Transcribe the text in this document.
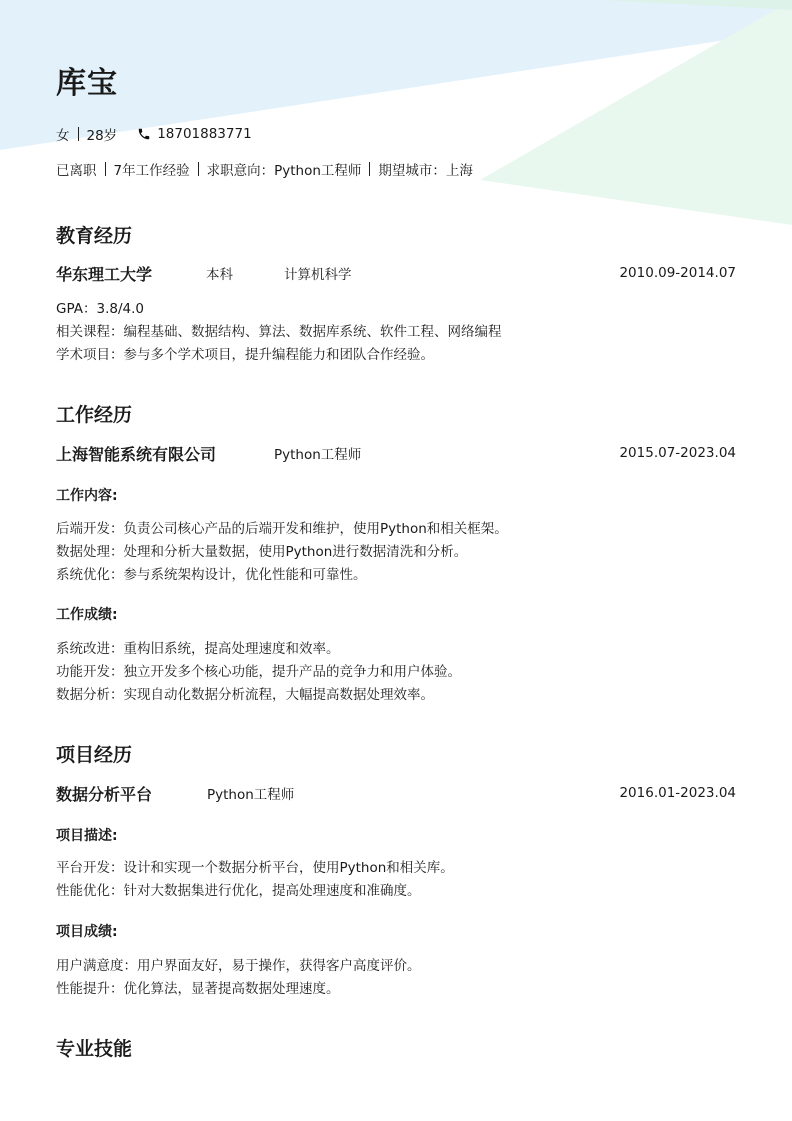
库宝
女 28岁	18701883771
已离职 7年工作经验 求职意向：Python工程师 期望城市：上海
教育经历
华东理工大学	本科	计算机科学	2010.09-2014.07
GPA：3.8/4.0
相关课程：编程基础、数据结构、算法、数据库系统、软件工程、网络编程
学术项目：参与多个学术项目，提升编程能力和团队合作经验。
工作经历
上海智能系统有限公司	Python工程师	2015.07-2023.04
工作内容:
后端开发：负责公司核心产品的后端开发和维护，使用Python和相关框架。
数据处理：处理和分析大量数据，使用Python进行数据清洗和分析。
系统优化：参与系统架构设计，优化性能和可靠性。
工作成绩:
系统改进：重构旧系统，提高处理速度和效率。
功能开发：独立开发多个核心功能，提升产品的竞争力和用户体验。
数据分析：实现自动化数据分析流程，大幅提高数据处理效率。
项目经历
数据分析平台	Python工程师	2016.01-2023.04
项目描述:
平台开发：设计和实现一个数据分析平台，使用Python和相关库。
性能优化：针对大数据集进行优化，提高处理速度和准确度。
项目成绩:
用户满意度：用户界面友好，易于操作，获得客户高度评价。
性能提升：优化算法，显著提高数据处理速度。
专业技能
